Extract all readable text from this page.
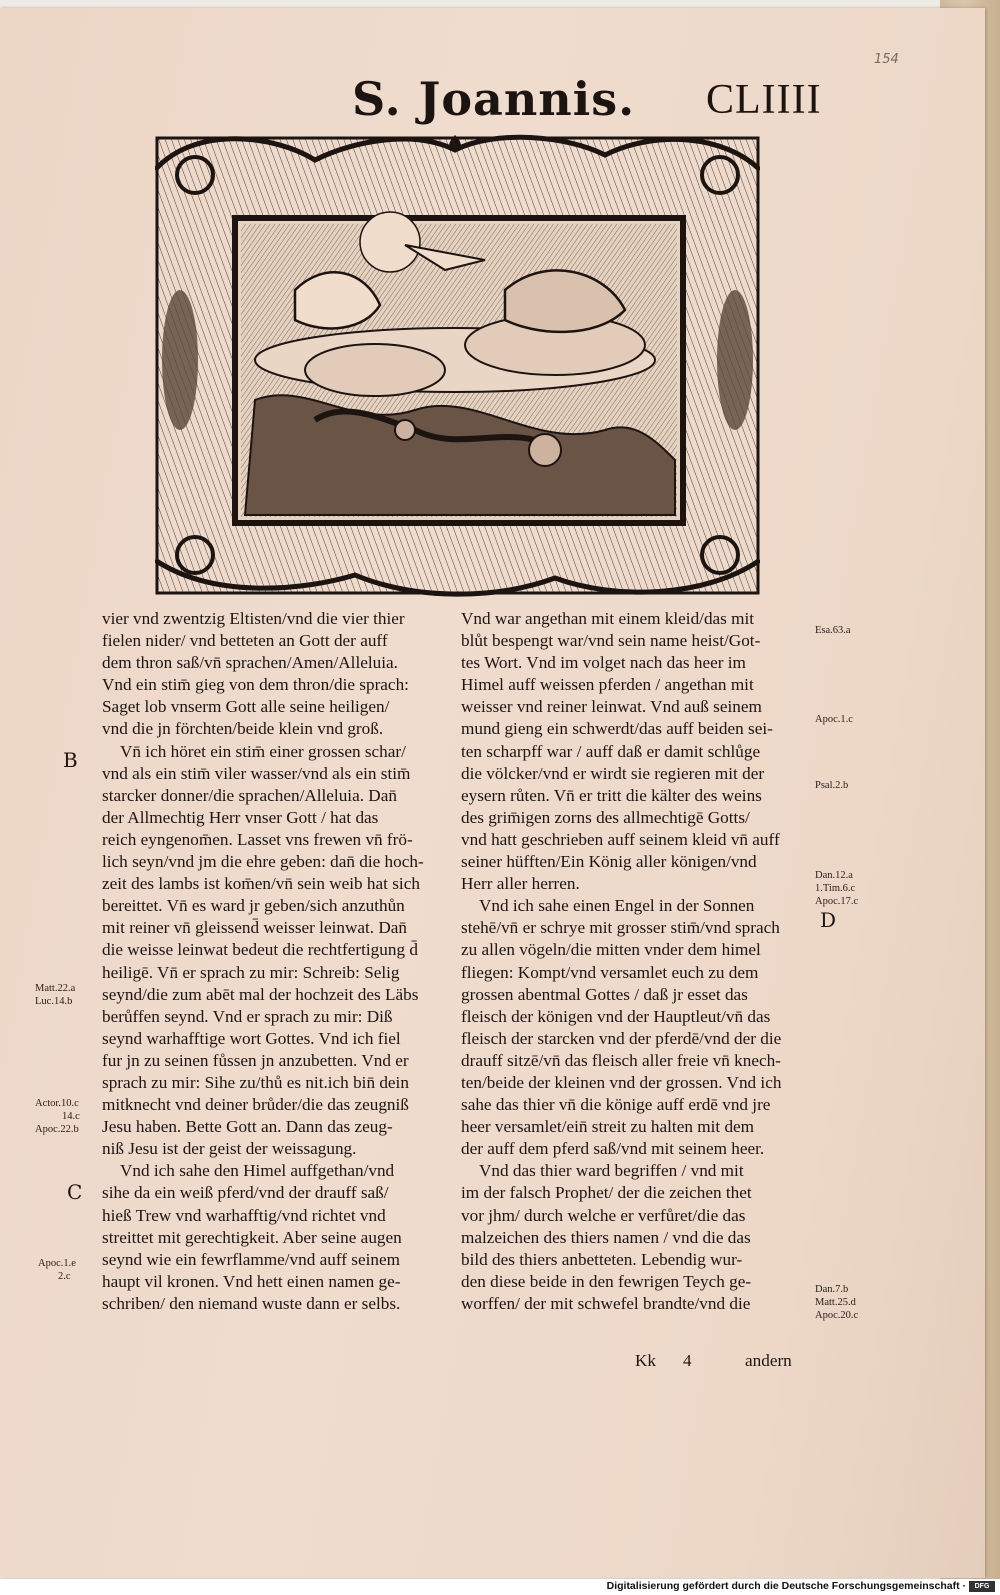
154
S. Joannis. CLIIII
vier vnd zwentzig Eltisten/vnd die vier thier
fielen nider/ vnd betteten an Gott der auff
dem thron saß/vn̄ sprachen/Amen/Alleluia.
Vnd ein stim̄ gieg von dem thron/die sprach:
Saget lob vnserm Gott alle seine heiligen/
vnd die jn förchten/beide klein vnd groß.
Vn̄ ich höret ein stim̄ einer grossen schar/
vnd als ein stim̄ viler wasser/vnd als ein stim̄
starcker donner/die sprachen/Alleluia. Dan̄
der Allmechtig Herr vnser Gott / hat das
reich eyngenom̄en. Lasset vns frewen vn̄ frö-
lich seyn/vnd jm die ehre geben: dan̄ die hoch-
zeit des lambs ist kom̄en/vn̄ sein weib hat sich
bereittet. Vn̄ es ward jr geben/sich anzuthůn
mit reiner vn̄ gleissend̄ weisser leinwat. Dan̄
die weisse leinwat bedeut die rechtfertigung d̄
heiligē. Vn̄ er sprach zu mir: Schreib: Selig
seynd/die zum abēt mal der hochzeit des Läbs
berůffen seynd. Vnd er sprach zu mir: Diß
seynd warhafftige wort Gottes. Vnd ich fiel
fur jn zu seinen fůssen jn anzubetten. Vnd er
sprach zu mir: Sihe zu/thů es nit.ich bin̄ dein
mitknecht vnd deiner brůder/die das zeugniß
Jesu haben. Bette Gott an. Dann das zeug-
niß Jesu ist der geist der weissagung.
Vnd ich sahe den Himel auffgethan/vnd
sihe da ein weiß pferd/vnd der drauff saß/
hieß Trew vnd warhafftig/vnd richtet vnd
streittet mit gerechtigkeit. Aber seine augen
seynd wie ein fewrflamme/vnd auff seinem
haupt vil kronen. Vnd hett einen namen ge-
schriben/ den niemand wuste dann er selbs.
Vnd war angethan mit einem kleid/das mit
blůt bespengt war/vnd sein name heist/Got-
tes Wort. Vnd im volget nach das heer im
Himel auff weissen pferden / angethan mit
weisser vnd reiner leinwat. Vnd auß seinem
mund gieng ein schwerdt/das auff beiden sei-
ten scharpff war / auff daß er damit schlůge
die völcker/vnd er wirdt sie regieren mit der
eysern růten. Vn̄ er tritt die kälter des weins
des grim̄igen zorns des allmechtigē Gotts/
vnd hatt geschrieben auff seinem kleid vn̄ auff
seiner hüfften/Ein König aller königen/vnd
Herr aller herren.
Vnd ich sahe einen Engel in der Sonnen
stehē/vn̄ er schrye mit grosser stim̄/vnd sprach
zu allen vögeln/die mitten vnder dem himel
fliegen: Kompt/vnd versamlet euch zu dem
grossen abentmal Gottes / daß jr esset das
fleisch der königen vnd der Hauptleut/vn̄ das
fleisch der starcken vnd der pferdē/vnd der die
drauff sitzē/vn̄ das fleisch aller freie vn̄ knech-
ten/beide der kleinen vnd der grossen. Vnd ich
sahe das thier vn̄ die könige auff erdē vnd jre
heer versamlet/ein̄ streit zu halten mit dem
der auff dem pferd saß/vnd mit seinem heer.
Vnd das thier ward begriffen / vnd mit
im der falsch Prophet/ der die zeichen thet
vor jhm/ durch welche er verfůret/die das
malzeichen des thiers namen / vnd die das
bild des thiers anbetteten. Lebendig wur-
den diese beide in den fewrigen Teych ge-
worffen/ der mit schwefel brandte/vnd die
B
C
D
Esa.63.a
Apoc.1.c
Psal.2.b
Dan.12.a
1.Tim.6.c
Apoc.17.c
Matt.22.a
Luc.14.b
Actor.10.c
14.c
Apoc.22.b
Apoc.1.e
2.c
Dan.7.b
Matt.25.d
Apoc.20.c
Kk 4	andern
Digitalisierung gefördert durch die Deutsche Forschungsgemeinschaft ·	DFG
